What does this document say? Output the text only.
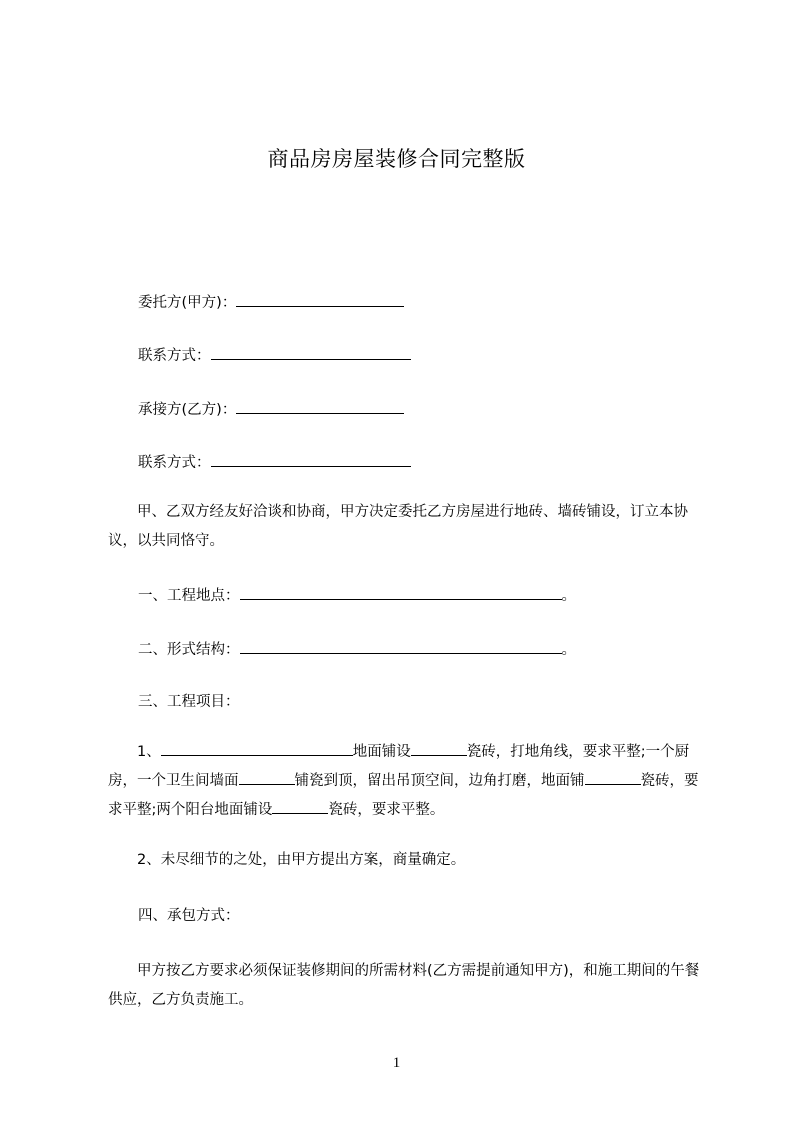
商品房房屋装修合同完整版
委托方(甲方)：
联系方式：
承接方(乙方)：
联系方式：
甲、乙双方经友好洽谈和协商，甲方决定委托乙方房屋进行地砖、墙砖铺设，订立本协议，以共同恪守。
一、工程地点：	。
二、形式结构：	。
三、工程项目：
1、	地面铺设	瓷砖，打地角线，要求平整;一个厨房，一个卫生间墙面	铺瓷到顶，留出吊顶空间，边角打磨，地面铺	瓷砖，要求平整;两个阳台地面铺设	瓷砖，要求平整。
2、未尽细节的之处，由甲方提出方案，商量确定。
四、承包方式：
甲方按乙方要求必须保证装修期间的所需材料(乙方需提前通知甲方)，和施工期间的午餐供应，乙方负责施工。
1
